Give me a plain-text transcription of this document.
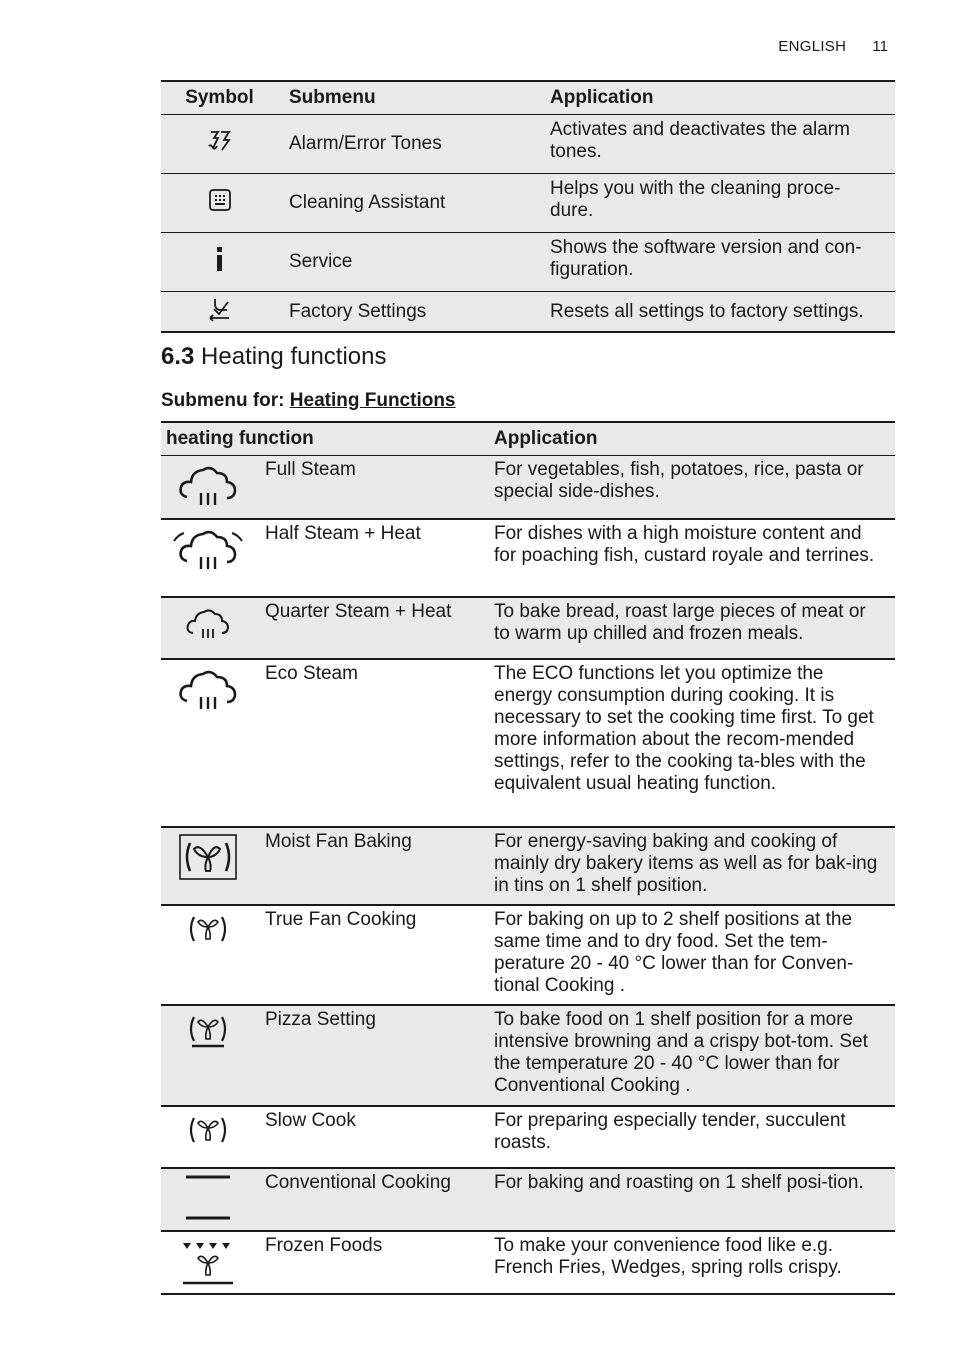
ENGLISH 11
Symbol	Submenu	Application
	Alarm/Error Tones	Activates and deactivates the alarm tones.
	Cleaning Assistant	Helps you with the cleaning proce-dure.
	Service	Shows the software version and con-figuration.
	Factory Settings	Resets all settings to factory settings.
6.3 Heating functions
Submenu for: Heating Functions
heating function		Application
	Full Steam	For vegetables, fish, potatoes, rice, pasta or special side-dishes.
	Half Steam + Heat	For dishes with a high moisture content and for poaching fish, custard royale and terrines.
	Quarter Steam + Heat	To bake bread, roast large pieces of meat or to warm up chilled and frozen meals.
	Eco Steam	The ECO functions let you optimize the energy consumption during cooking. It is necessary to set the cooking time first. To get more information about the recom-mended settings, refer to the cooking ta-bles with the equivalent usual heating function.
	Moist Fan Baking	For energy-saving baking and cooking of mainly dry bakery items as well as for bak-ing in tins on 1 shelf position.
	True Fan Cooking	For baking on up to 2 shelf positions at the same time and to dry food. Set the tem-perature 20 - 40 °C lower than for Conven-tional Cooking .
	Pizza Setting	To bake food on 1 shelf position for a more intensive browning and a crispy bot-tom. Set the temperature 20 - 40 °C lower than for Conventional Cooking .
	Slow Cook	For preparing especially tender, succulent roasts.
	Conventional Cooking	For baking and roasting on 1 shelf posi-tion.
	Frozen Foods	To make your convenience food like e.g. French Fries, Wedges, spring rolls crispy.
